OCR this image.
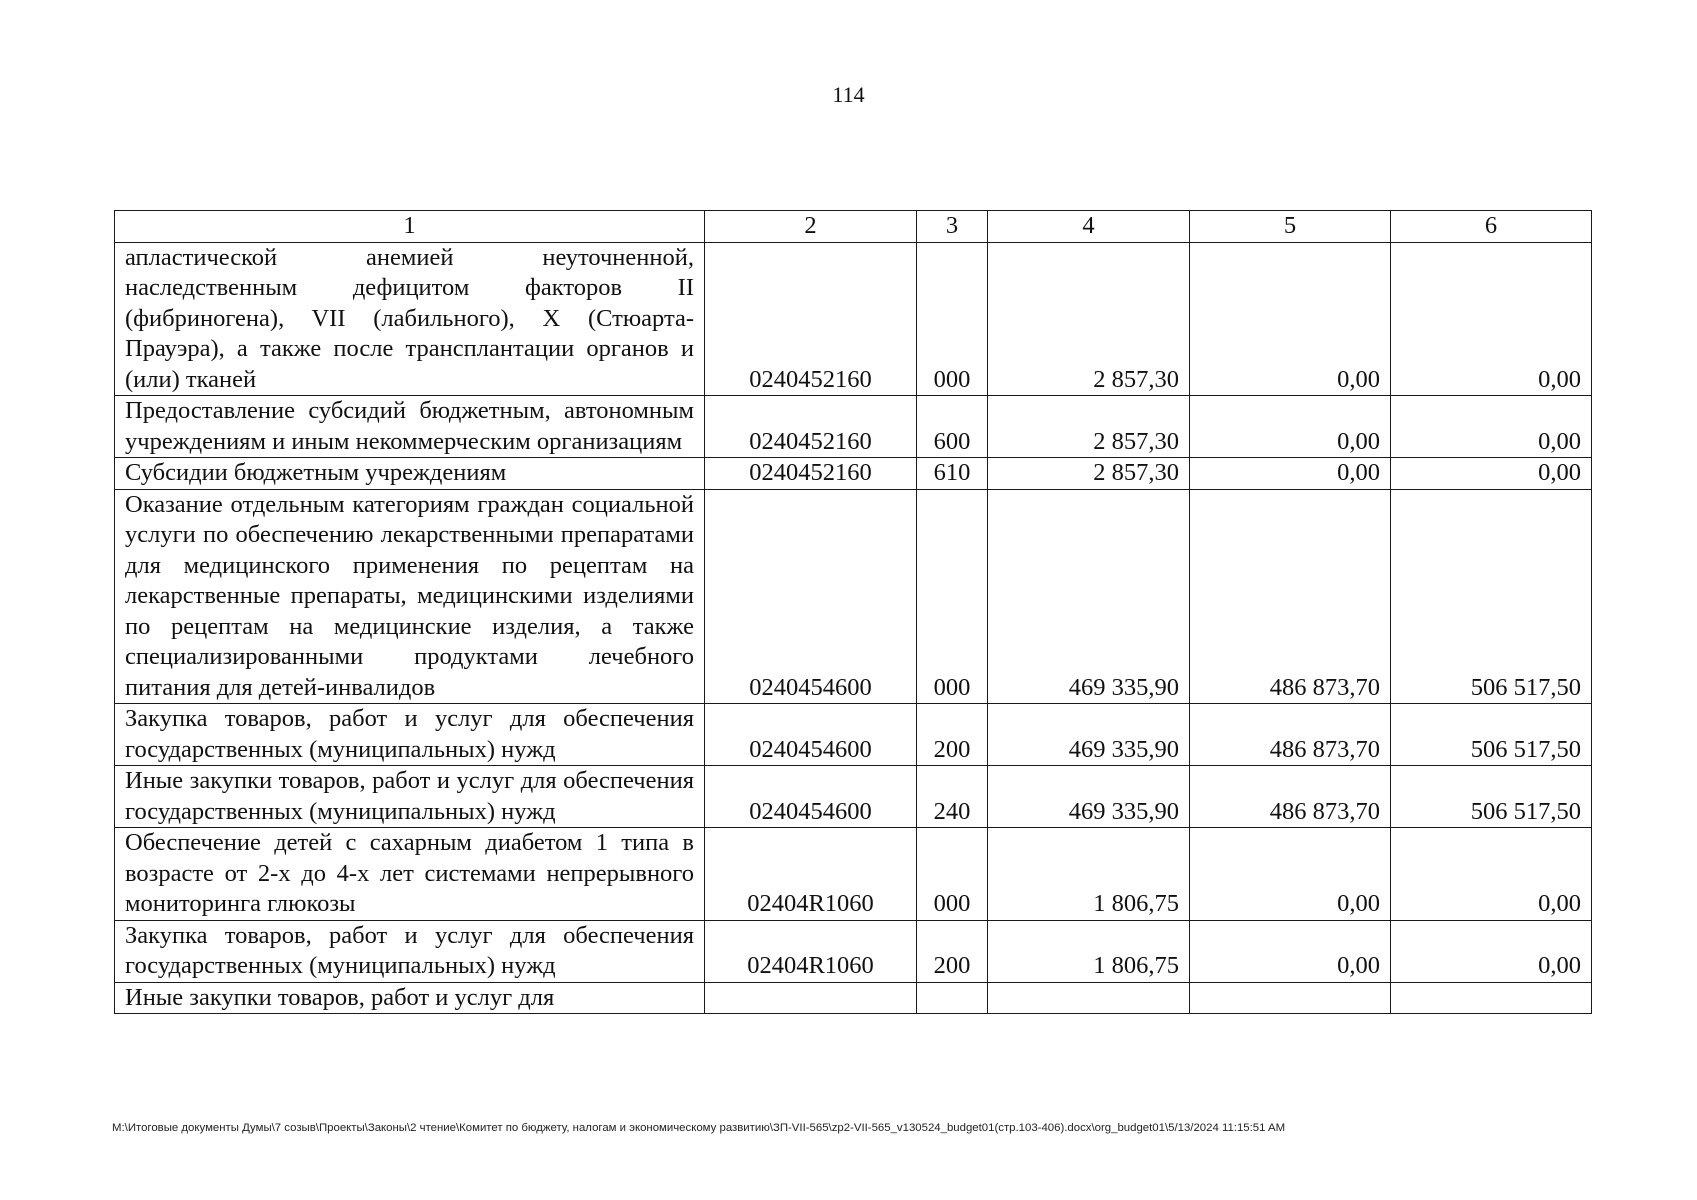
114
1	2	3	4	5	6
апластической анемией неуточненной, наследственным дефицитом факторов II (фибриногена), VII (лабильного), X (Стюарта-Прауэра), а также после трансплантации органов и (или) тканей	0240452160	000	2 857,30	0,00	0,00
Предоставление субсидий бюджетным, автономным учреждениям и иным некоммерческим организациям	0240452160	600	2 857,30	0,00	0,00
Субсидии бюджетным учреждениям	0240452160	610	2 857,30	0,00	0,00
Оказание отдельным категориям граждан социальной услуги по обеспечению лекарственными препаратами для медицинского применения по рецептам на лекарственные препараты, медицинскими изделиями по рецептам на медицинские изделия, а также специализированными продуктами лечебного питания для детей-инвалидов	0240454600	000	469 335,90	486 873,70	506 517,50
Закупка товаров, работ и услуг для обеспечения государственных (муниципальных) нужд	0240454600	200	469 335,90	486 873,70	506 517,50
Иные закупки товаров, работ и услуг для обеспечения государственных (муниципальных) нужд	0240454600	240	469 335,90	486 873,70	506 517,50
Обеспечение детей с сахарным диабетом 1 типа в возрасте от 2-х до 4-х лет системами непрерывного мониторинга глюкозы	02404R1060	000	1 806,75	0,00	0,00
Закупка товаров, работ и услуг для обеспечения государственных (муниципальных) нужд	02404R1060	200	1 806,75	0,00	0,00
Иные закупки товаров, работ и услуг для					
M:\Итоговые документы Думы\7 созыв\Проекты\Законы\2 чтение\Комитет по бюджету, налогам и экономическому развитию\ЗП-VII-565\zp2-VII-565_v130524_budget01(стр.103-406).docx\org_budget01\5/13/2024 11:15:51 AM
